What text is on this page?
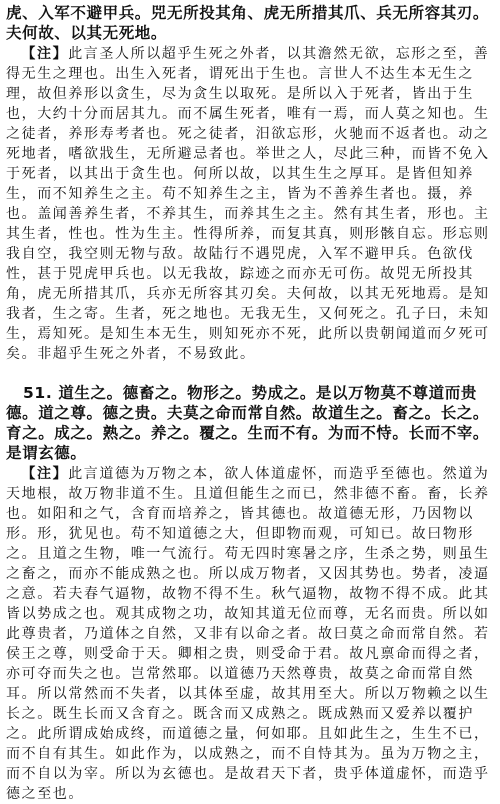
虎、入军不避甲兵。兕无所投其角、虎无所措其爪、兵无所容其刃。夫何故、以其无死地。

【注】此言圣人所以超乎生死之外者，以其澹然无欲，忘形之至，善得无生之理也。出生入死者，谓死出于生也。言世人不达生本无生之理，故但养形以贪生，尽为贪生以取死。是所以入于死者，皆出于生也，大约十分而居其九。而不属生死者，唯有一焉，而人莫之知也。生之徒者，养形寿考者也。死之徒者，汨欲忘形，火驰而不返者也。动之死地者，嗜欲戕生，无所避忌者也。举世之人，尽此三种，而皆不免入于死者，以其出于贪生也。何所以故，以其生生之厚耳。是皆但知养生，而不知养生之主。苟不知养生之主，皆为不善养生者也。摄，养也。盖闻善养生者，不养其生，而养其生之主。然有其生者，形也。主其生者，性也。性为生主。性得所养，而复其真，则形骸自忘。形忘则我自空，我空则无物与敌。故陆行不遇兕虎，入军不避甲兵。色欲伐性，甚于兕虎甲兵也。以无我故，踪迹之而亦无可伤。故兕无所投其角，虎无所措其爪，兵亦无所容其刃矣。夫何故，以其无死地焉。是知我者，生之寄。生者，死之地也。无我无生，又何死之。孔子曰，未知生，焉知死。是知生本无生，则知死亦不死，此所以贵朝闻道而夕死可矣。非超乎生死之外者，不易致此。

51. 道生之。德畜之。物形之。势成之。是以万物莫不尊道而贵德。道之尊。德之贵。夫莫之命而常自然。故道生之。畜之。长之。育之。成之。熟之。养之。覆之。生而不有。为而不恃。长而不宰。是谓玄德。

【注】此言道德为万物之本，欲人体道虚怀，而造乎至德也。然道为天地根，故万物非道不生。且道但能生之而已，然非德不畜。畜，长养也。如阳和之气，含育而培养之，皆其德也。故道德无形，乃因物以形。形，犹见也。苟不知道德之大，但即物而观，可知已。故曰物形之。且道之生物，唯一气流行。苟无四时寒暑之序，生杀之势，则虽生之畜之，而亦不能成熟之也。所以成万物者，又因其势也。势者，凌逼之意。若夫春气逼物，故物不得不生。秋气逼物，故物不得不成。此其皆以势成之也。观其成物之功，故知其道无位而尊，无名而贵。所以如此尊贵者，乃道体之自然，又非有以命之者。故曰莫之命而常自然。若侯王之尊，则受命于天。卿相之贵，则受命于君。故凡禀命而得之者，亦可夺而失之也。岂常然耶。以道德乃天然尊贵，故莫之命而常自然耳。所以常然而不失者，以其体至虚，故其用至大。所以万物赖之以生长之。既生长而又含育之。既含而又成熟之。既成熟而又爱养以覆护之。此所谓成始成终，而道德之量，何如耶。且如此生之，生生不已，而不自有其生。如此作为，以成熟之，而不自恃其为。虽为万物之主，而不自以为宰。所以为玄德也。是故君天下者，贵乎体道虚怀，而造乎德之至也。
